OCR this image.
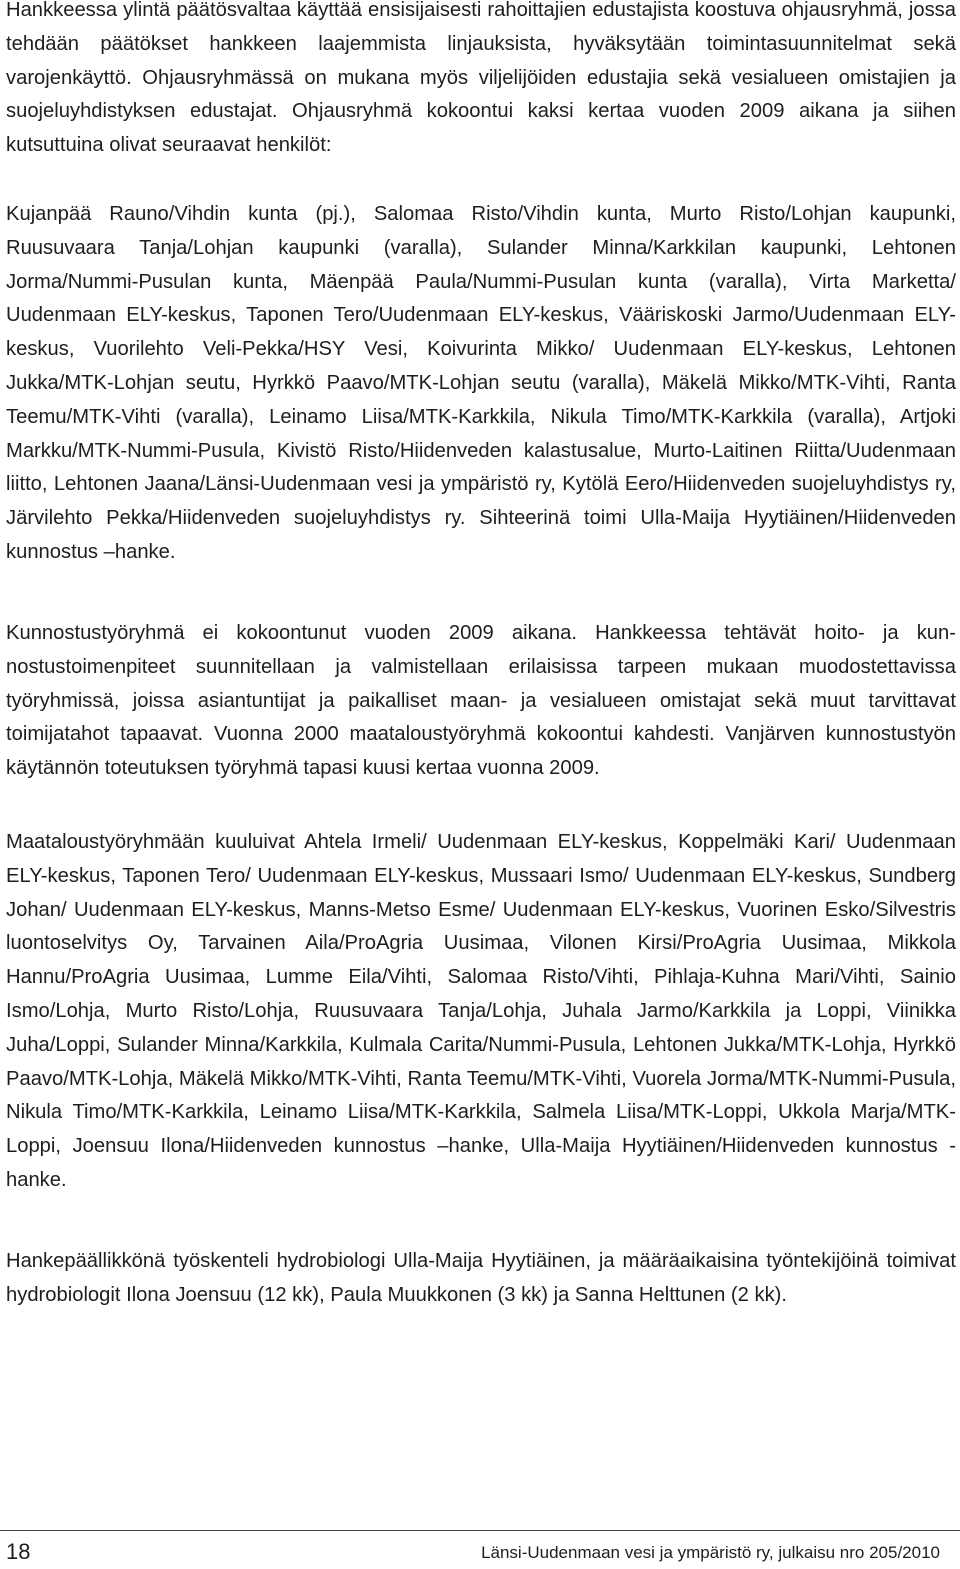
Hankkeessa ylintä päätösvaltaa käyttää ensisijaisesti rahoittajien edustajista koostuva ohjausryhmä, jossa tehdään päätökset hankkeen laajemmista linjauksista, hyväksytään toimintasuunnitelmat sekä varojenkäyttö. Ohjausryhmässä on mukana myös viljelijöiden edustajia sekä vesialueen omistajien ja suojeluyhdistyksen edustajat. Ohjausryhmä kokoontui kaksi kertaa vuoden 2009 aikana ja siihen kutsuttuina olivat seuraavat henkilöt:

Kujanpää Rauno/Vihdin kunta (pj.), Salomaa Risto/Vihdin kunta, Murto Risto/Lohjan kaupunki, Ruusuvaara Tanja/Lohjan kaupunki (varalla), Sulander Minna/Karkkilan kaupunki, Lehtonen Jorma/Nummi-Pusulan kunta, Mäenpää Paula/Nummi-Pusulan kunta (varalla), Virta Marketta/ Uudenmaan ELY-keskus, Taponen Tero/Uudenmaan ELY-keskus, Vääriskoski Jarmo/Uudenmaan ELY-keskus, Vuorilehto Veli-Pekka/HSY Vesi, Koivurinta Mikko/ Uudenmaan ELY-keskus, Lehtonen Jukka/MTK-Lohjan seutu, Hyrkkö Paavo/MTK-Lohjan seutu (varalla), Mäkelä Mikko/MTK-Vihti, Ranta Teemu/MTK-Vihti (varalla), Leinamo Liisa/MTK-Karkkila, Nikula Timo/MTK-Karkkila (varalla), Artjoki Markku/MTK-Nummi-Pusula, Kivistö Risto/Hiidenveden kalastusalue, Murto-Laitinen Riitta/Uudenmaan liitto, Lehtonen Jaana/Länsi-Uudenmaan vesi ja ympäristö ry, Kytölä Eero/Hiidenveden suojeluyhdistys ry, Järvilehto Pekka/Hiidenveden suojeluyhdistys ry. Sihteerinä toimi Ulla-Maija Hyytiäinen/Hiidenveden kunnostus –hanke.

Kunnostustyöryhmä ei kokoontunut vuoden 2009 aikana. Hankkeessa tehtävät hoito- ja kunnostustoimenpiteet suunnitellaan ja valmistellaan erilaisissa tarpeen mukaan muodostettavissa työryhmissä, joissa asiantuntijat ja paikalliset maan- ja vesialueen omistajat sekä muut tarvittavat toimijatahot tapaavat. Vuonna 2000 maataloustyöryhmä kokoontui kahdesti. Vanjärven kunnostustyön käytännön toteutuksen työryhmä tapasi kuusi kertaa vuonna 2009.

Maataloustyöryhmään kuuluivat Ahtela Irmeli/ Uudenmaan ELY-keskus, Koppelmäki Kari/ Uudenmaan ELY-keskus, Taponen Tero/ Uudenmaan ELY-keskus, Mussaari Ismo/ Uudenmaan ELY-keskus, Sundberg Johan/ Uudenmaan ELY-keskus, Manns-Metso Esme/ Uudenmaan ELY-keskus, Vuorinen Esko/Silvestris luontoselvitys Oy, Tarvainen Aila/ProAgria Uusimaa, Vilonen Kirsi/ProAgria Uusimaa, Mikkola Hannu/ProAgria Uusimaa, Lumme Eila/Vihti, Salomaa Risto/Vihti, Pihlaja-Kuhna Mari/Vihti, Sainio Ismo/Lohja, Murto Risto/Lohja, Ruusuvaara Tanja/Lohja, Juhala Jarmo/Karkkila ja Loppi, Viinikka Juha/Loppi, Sulander Minna/Karkkila, Kulmala Carita/Nummi-Pusula, Lehtonen Jukka/MTK-Lohja, Hyrkkö Paavo/MTK-Lohja, Mäkelä Mikko/MTK-Vihti, Ranta Teemu/MTK-Vihti, Vuorela Jorma/MTK-Nummi-Pusula, Nikula Timo/MTK-Karkkila, Leinamo Liisa/MTK-Karkkila, Salmela Liisa/MTK-Loppi, Ukkola Marja/MTK-Loppi, Joensuu Ilona/Hiidenveden kunnostus –hanke, Ulla-Maija Hyytiäinen/Hiidenveden kunnostus -hanke.

Hankepäällikkönä työskenteli hydrobiologi Ulla-Maija Hyytiäinen, ja määräaikaisina työntekijöinä toimivat hydrobiologit Ilona Joensuu (12 kk), Paula Muukkonen (3 kk) ja Sanna Helttunen (2 kk).

18	Länsi-Uudenmaan vesi ja ympäristö ry, julkaisu nro 205/2010
